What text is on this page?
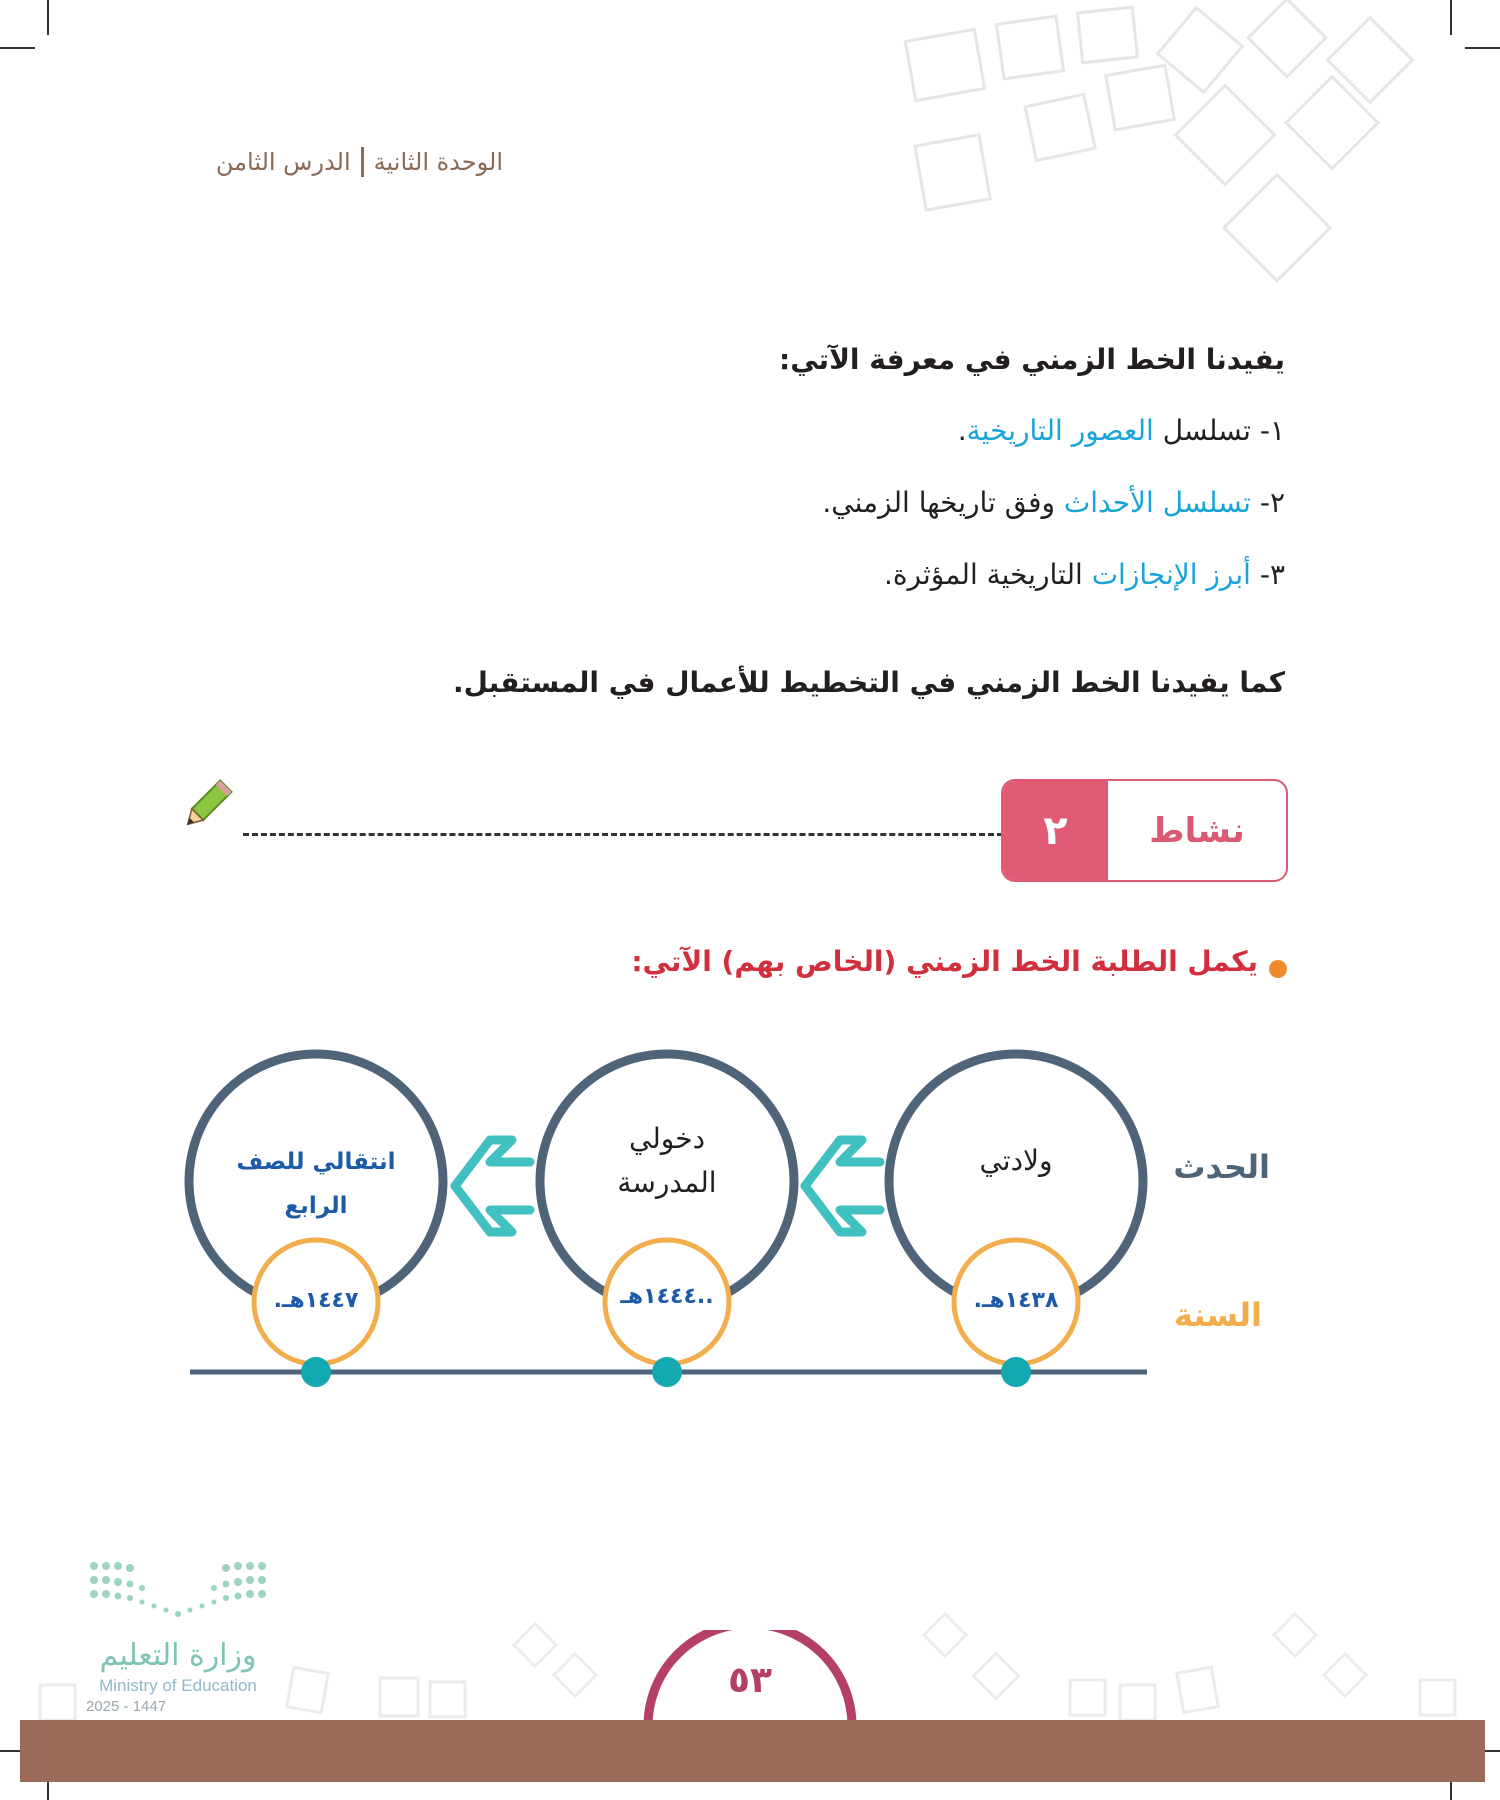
الوحدة الثانية
الدرس الثامن
يفيدنا الخط الزمني في معرفة الآتي:
١- تسلسل العصور التاريخية.
٢- تسلسل الأحداث وفق تاريخها الزمني.
٣- أبرز الإنجازات التاريخية المؤثرة.
كما يفيدنا الخط الزمني في التخطيط للأعمال في المستقبل.
٢	نشاط
يكمل الطلبة الخط الزمني (الخاص بهم) الآتي:
الحدث
السنة
ولادتي
دخولي
المدرسة
انتقالي للصف الرابع
١٤٣٨هـ.
..١٤٤٤هـ
١٤٤٧هـ.
٥٣
وزارة التعليم
Ministry of Education
2025 - 1447
